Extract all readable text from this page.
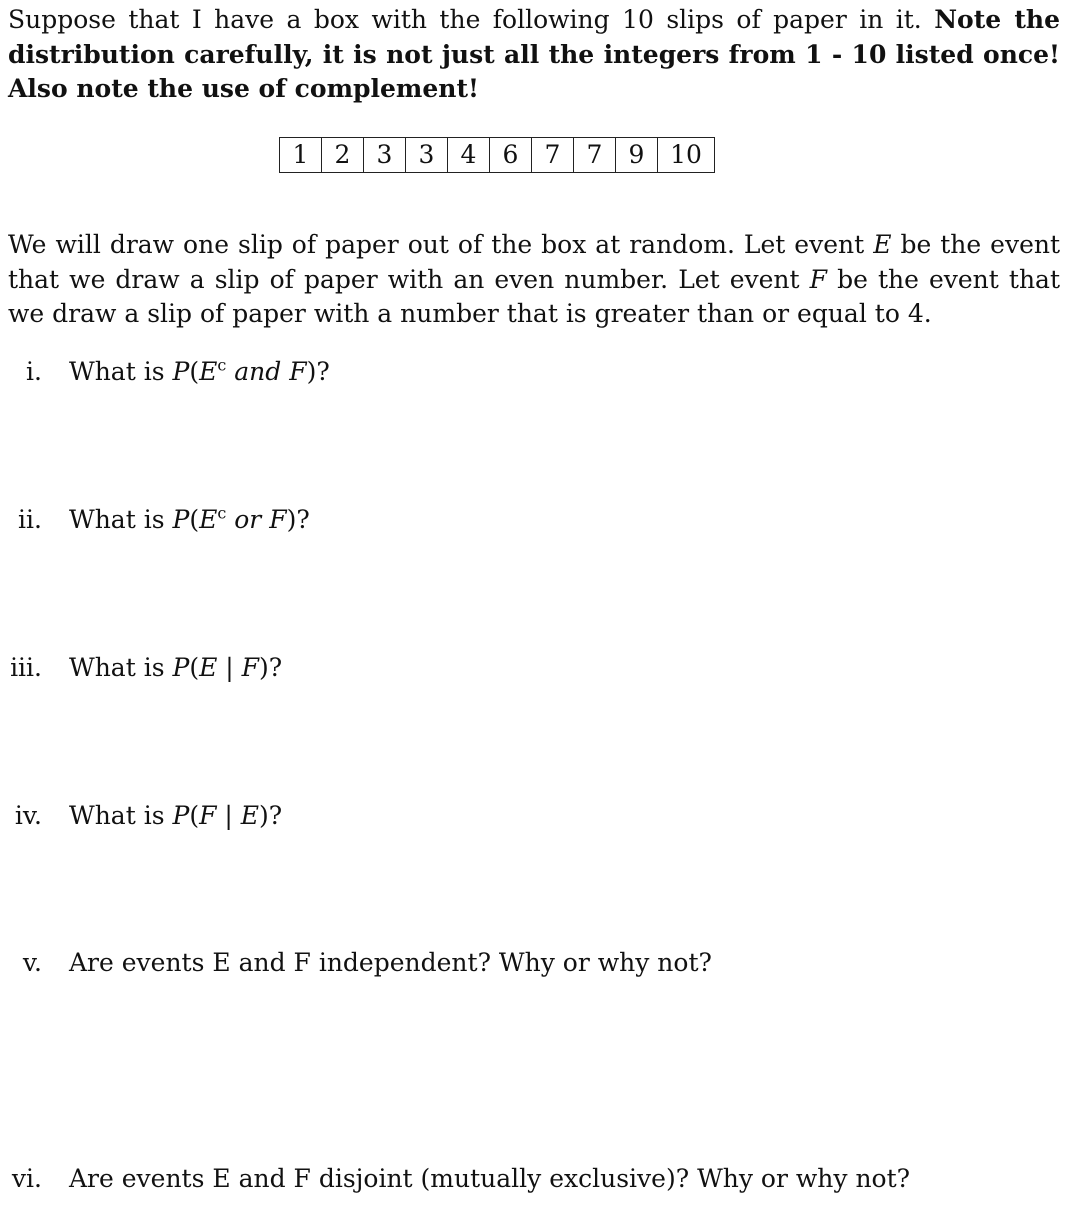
Suppose that I have a box with the following 10 slips of paper in it. Note the distribution carefully, it is not just all the integers from 1 - 10 listed once! Also note the use of complement!

1	2	3	3	4	6	7	7	9	10

We will draw one slip of paper out of the box at random. Let event E be the event that we draw a slip of paper with an even number. Let event F be the event that we draw a slip of paper with a number that is greater than or equal to 4.

i. What is $P(E^c$ and F)?
ii. What is $P(E^c$ or F)?
iii. What is P(E | F)?
iv. What is P(F | E)?
v. Are events E and F independent? Why or why not?
vi. Are events E and F disjoint (mutually exclusive)? Why or why not?
